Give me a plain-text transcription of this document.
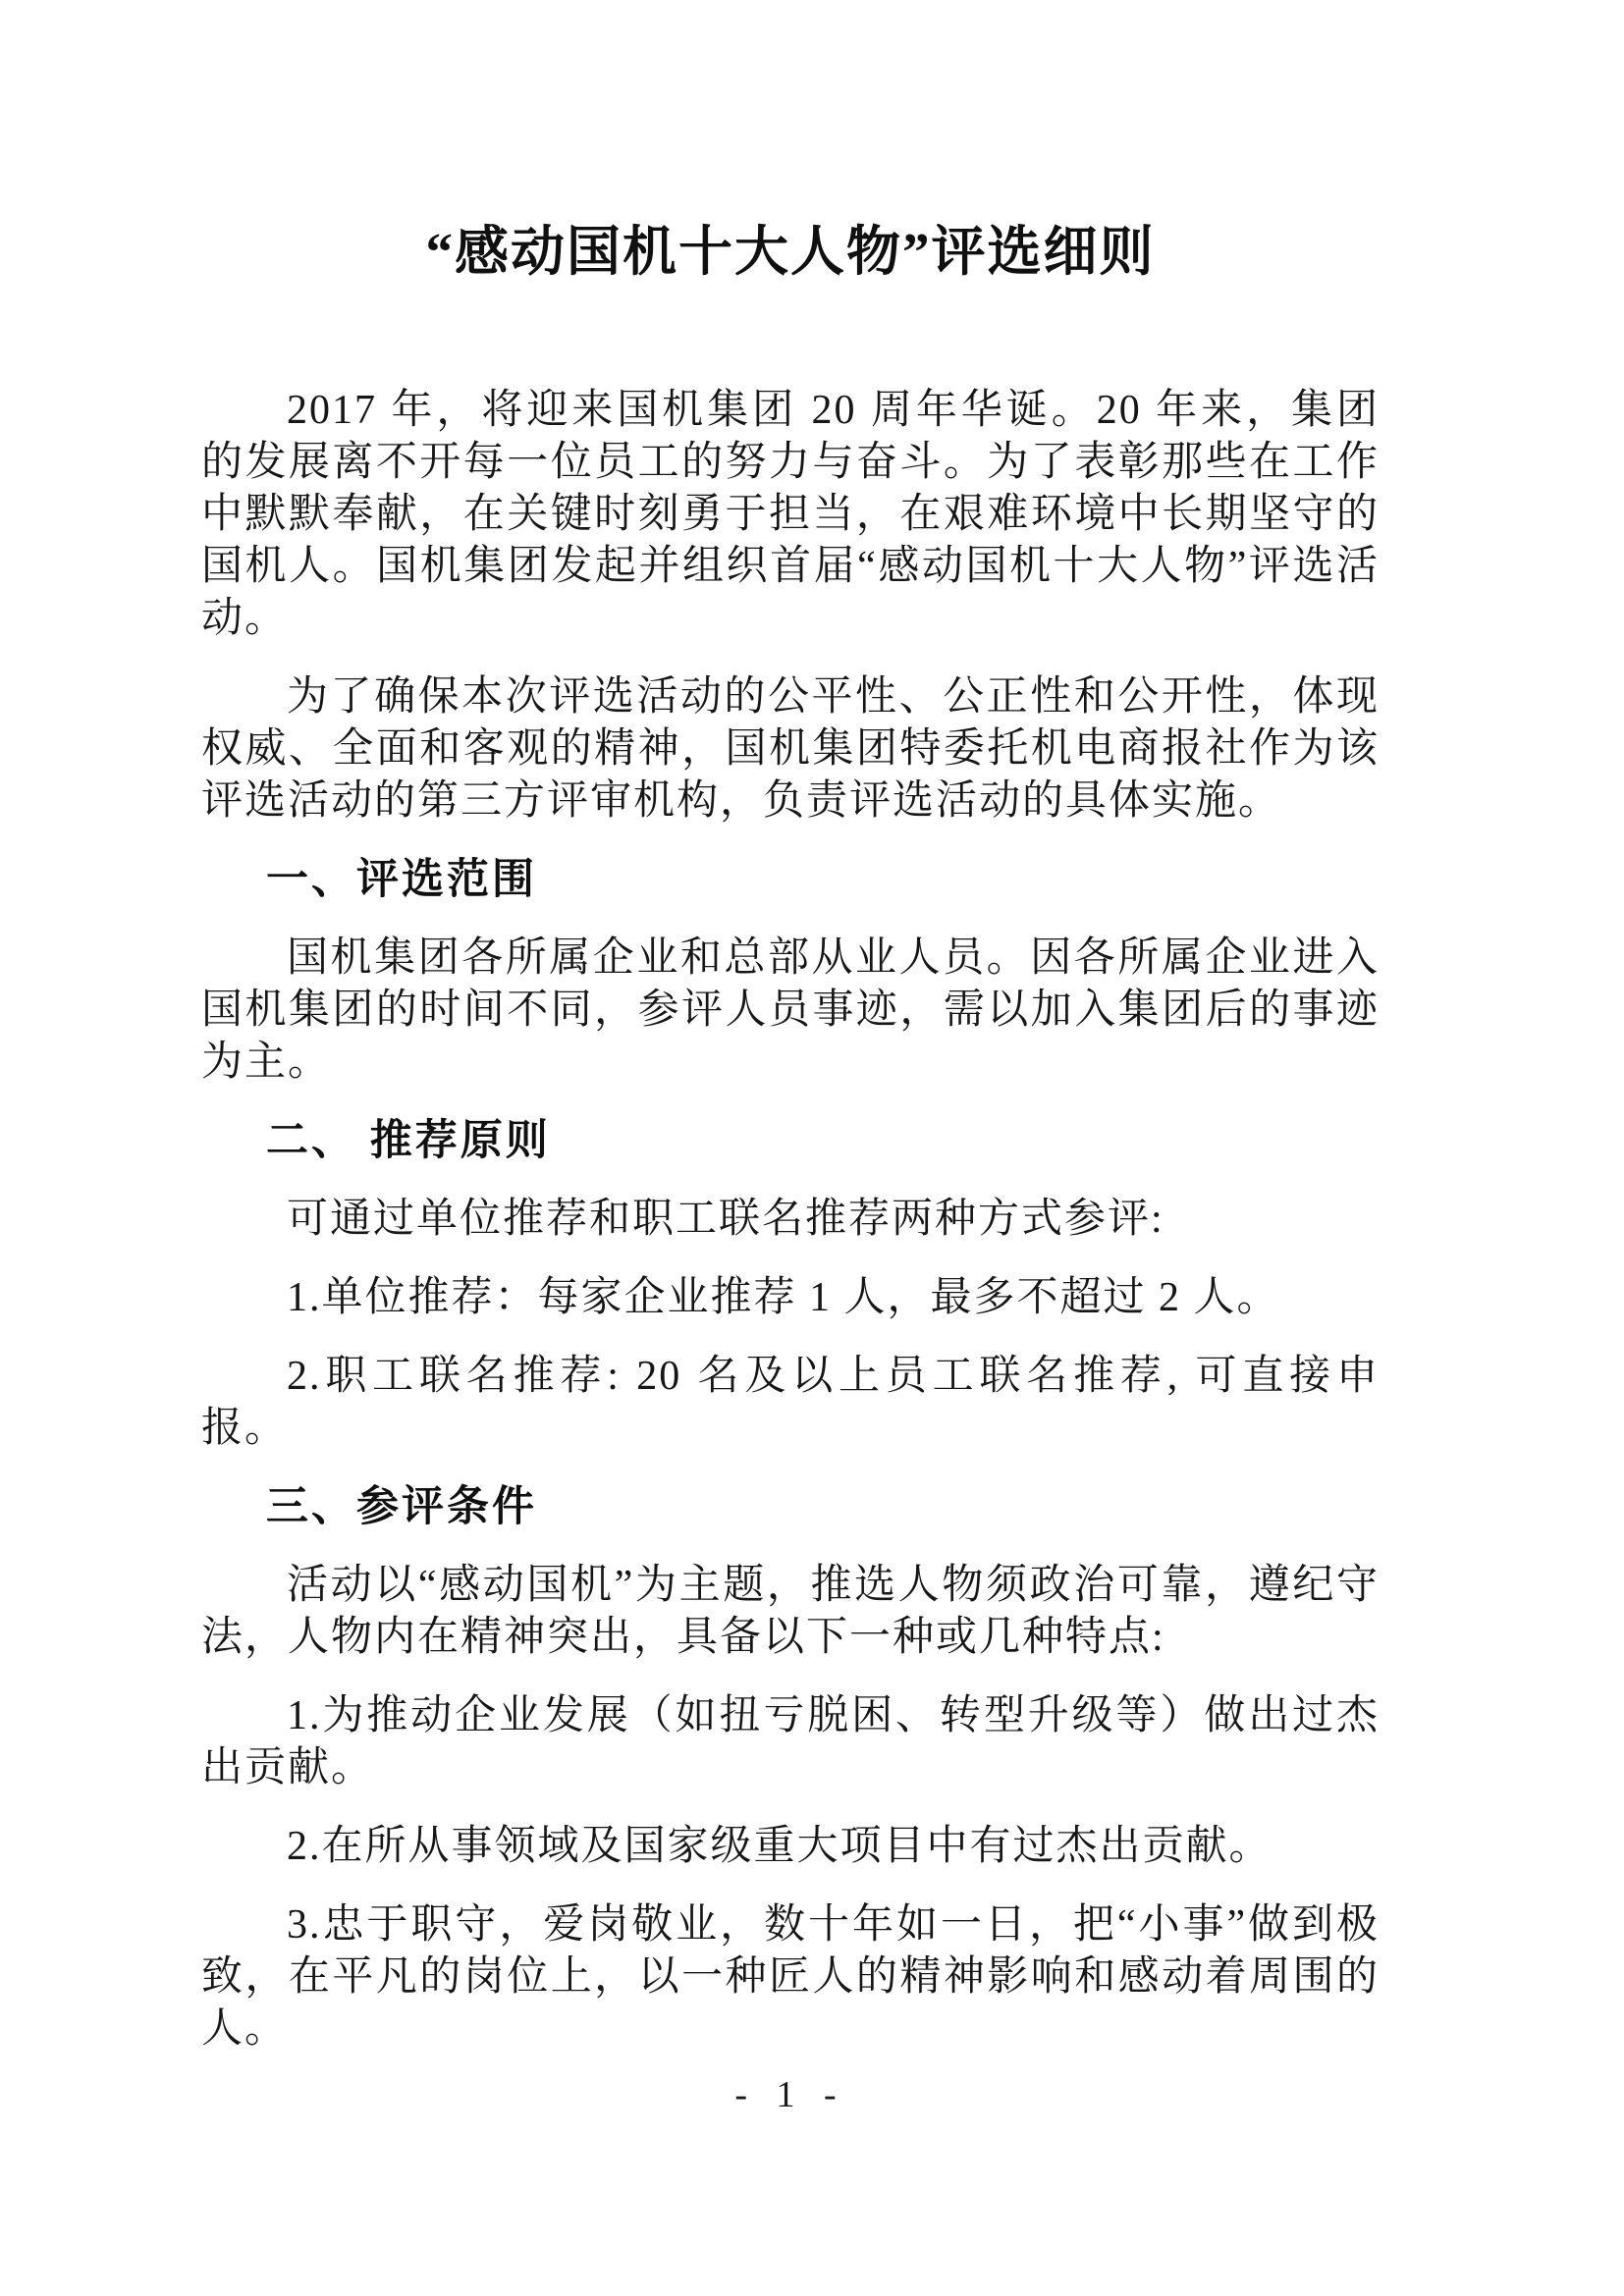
“感动国机十大人物”评选细则

2017 年，将迎来国机集团 20 周年华诞。20 年来，集团的发展离不开每一位员工的努力与奋斗。为了表彰那些在工作中默默奉献，在关键时刻勇于担当，在艰难环境中长期坚守的国机人。国机集团发起并组织首届“感动国机十大人物”评选活动。

为了确保本次评选活动的公平性、公正性和公开性，体现权威、全面和客观的精神，国机集团特委托机电商报社作为该评选活动的第三方评审机构，负责评选活动的具体实施。

一、评选范围

国机集团各所属企业和总部从业人员。因各所属企业进入国机集团的时间不同，参评人员事迹，需以加入集团后的事迹为主。

二、 推荐原则

可通过单位推荐和职工联名推荐两种方式参评:

1.单位推荐：每家企业推荐 1 人，最多不超过 2 人。

2.职工联名推荐: 20 名及以上员工联名推荐, 可直接申报。

三、参评条件

活动以“感动国机”为主题，推选人物须政治可靠，遵纪守法，人物内在精神突出，具备以下一种或几种特点:

1.为推动企业发展（如扭亏脱困、转型升级等）做出过杰出贡献。

2.在所从事领域及国家级重大项目中有过杰出贡献。

3.忠于职守，爱岗敬业，数十年如一日，把“小事”做到极致，在平凡的岗位上，以一种匠人的精神影响和感动着周围的人。

- 1 -
